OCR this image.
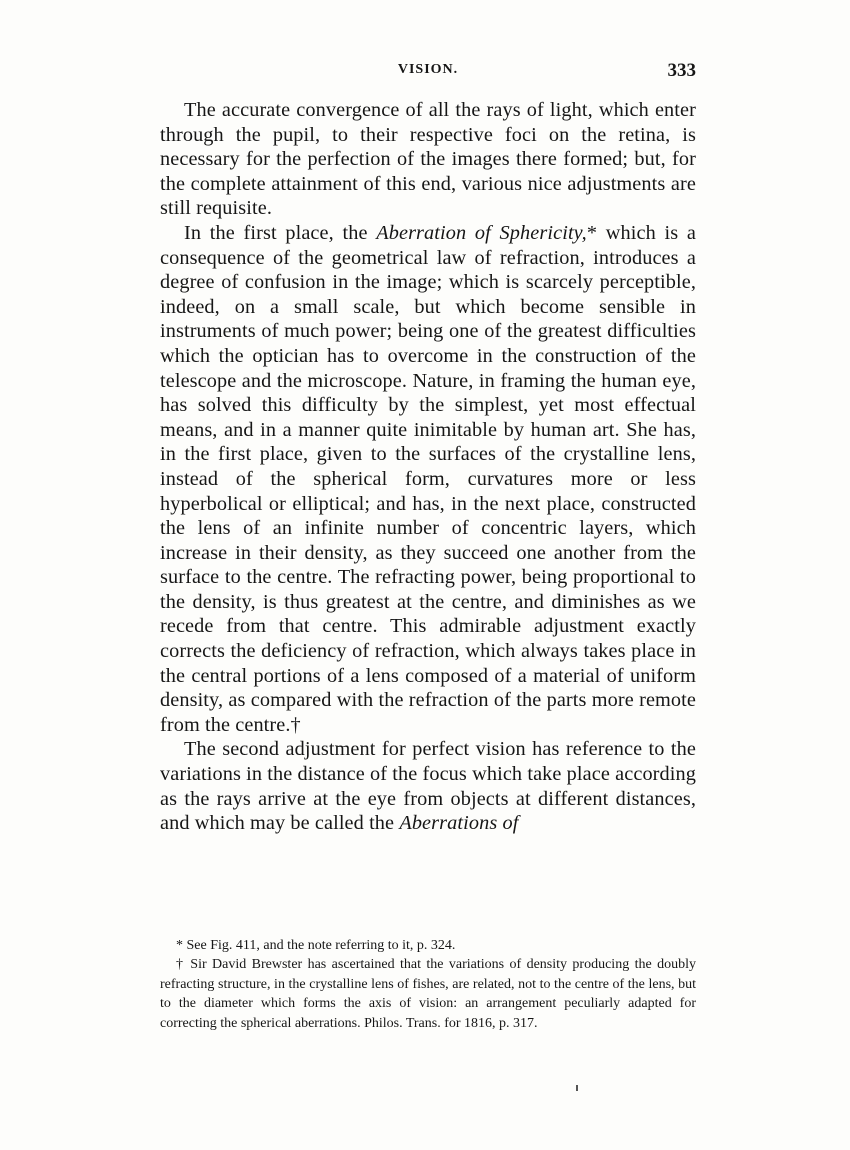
VISION.	333

The accurate convergence of all the rays of light, which enter through the pupil, to their respective foci on the retina, is necessary for the perfection of the images there formed; but, for the complete attainment of this end, various nice adjustments are still requisite.

In the first place, the Aberration of Sphericity,* which is a consequence of the geometrical law of refraction, introduces a degree of confusion in the image; which is scarcely perceptible, indeed, on a small scale, but which become sensible in instruments of much power; being one of the greatest difficulties which the optician has to overcome in the construction of the telescope and the microscope. Nature, in framing the human eye, has solved this difficulty by the simplest, yet most effectual means, and in a manner quite inimitable by human art. She has, in the first place, given to the surfaces of the crystalline lens, instead of the spherical form, curvatures more or less hyperbolical or elliptical; and has, in the next place, constructed the lens of an infinite number of concentric layers, which increase in their density, as they succeed one another from the surface to the centre. The refracting power, being proportional to the density, is thus greatest at the centre, and diminishes as we recede from that centre. This admirable adjustment exactly corrects the deficiency of refraction, which always takes place in the central portions of a lens composed of a material of uniform density, as compared with the refraction of the parts more remote from the centre.†

The second adjustment for perfect vision has reference to the variations in the distance of the focus which take place according as the rays arrive at the eye from objects at different distances, and which may be called the Aberrations of

* See Fig. 411, and the note referring to it, p. 324.

† Sir David Brewster has ascertained that the variations of density producing the doubly refracting structure, in the crystalline lens of fishes, are related, not to the centre of the lens, but to the diameter which forms the axis of vision: an arrangement peculiarly adapted for correcting the spherical aberrations. Philos. Trans. for 1816, p. 317.
